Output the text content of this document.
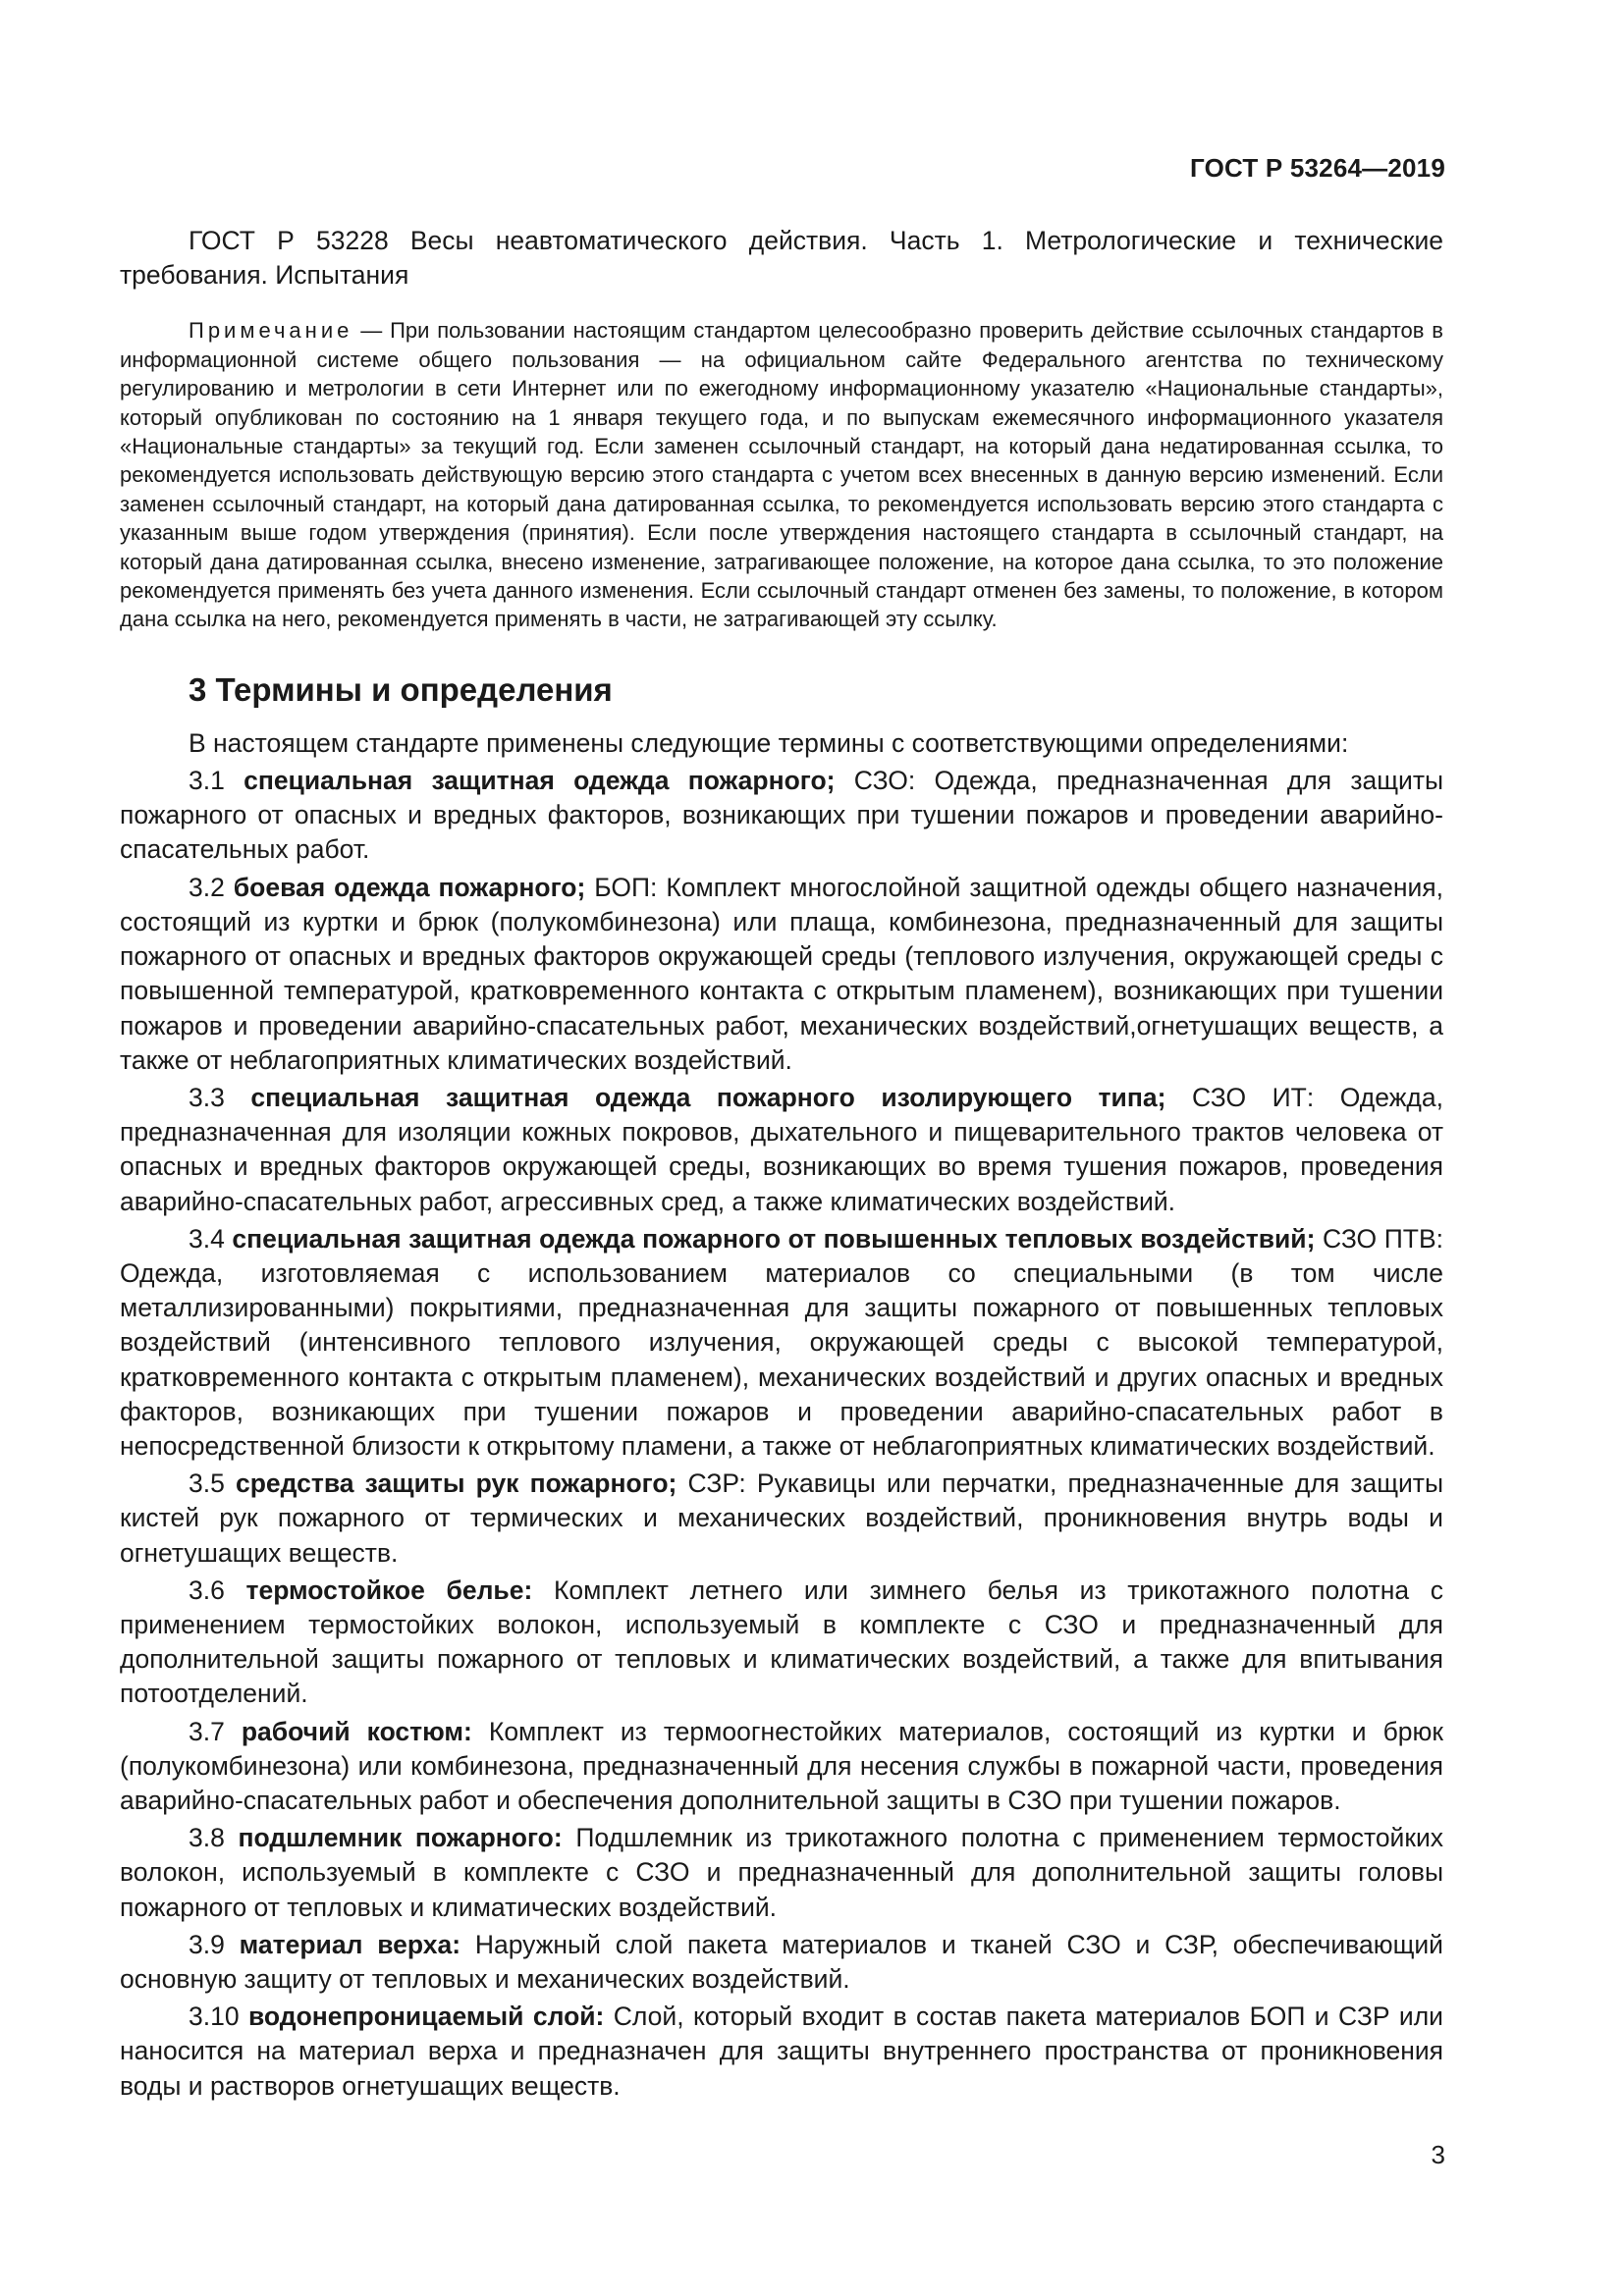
ГОСТ Р 53264—2019

ГОСТ Р 53228 Весы неавтоматического действия. Часть 1. Метрологические и технические требования. Испытания

Примечание — При пользовании настоящим стандартом целесообразно проверить действие ссылочных стандартов в информационной системе общего пользования — на официальном сайте Федерального агентства по техническому регулированию и метрологии в сети Интернет или по ежегодному информационному указателю «Национальные стандарты», который опубликован по состоянию на 1 января текущего года, и по выпускам ежемесячного информационного указателя «Национальные стандарты» за текущий год. Если заменен ссылочный стандарт, на который дана недатированная ссылка, то рекомендуется использовать действующую версию этого стандарта с учетом всех внесенных в данную версию изменений. Если заменен ссылочный стандарт, на который дана датированная ссылка, то рекомендуется использовать версию этого стандарта с указанным выше годом утверждения (принятия). Если после утверждения настоящего стандарта в ссылочный стандарт, на который дана датированная ссылка, внесено изменение, затрагивающее положение, на которое дана ссылка, то это положение рекомендуется применять без учета данного изменения. Если ссылочный стандарт отменен без замены, то положение, в котором дана ссылка на него, рекомендуется применять в части, не затрагивающей эту ссылку.

3 Термины и определения

В настоящем стандарте применены следующие термины с соответствующими определениями:

3.1 специальная защитная одежда пожарного; СЗО: Одежда, предназначенная для защиты пожарного от опасных и вредных факторов, возникающих при тушении пожаров и проведении аварийно-спасательных работ.

3.2 боевая одежда пожарного; БОП: Комплект многослойной защитной одежды общего назначения, состоящий из куртки и брюк (полукомбинезона) или плаща, комбинезона, предназначенный для защиты пожарного от опасных и вредных факторов окружающей среды (теплового излучения, окружающей среды с повышенной температурой, кратковременного контакта с открытым пламенем), возникающих при тушении пожаров и проведении аварийно-спасательных работ, механических воздействий,огнетушащих веществ, а также от неблагоприятных климатических воздействий.

3.3 специальная защитная одежда пожарного изолирующего типа; СЗО ИТ: Одежда, предназначенная для изоляции кожных покровов, дыхательного и пищеварительного трактов человека от опасных и вредных факторов окружающей среды, возникающих во время тушения пожаров, проведения аварийно-спасательных работ, агрессивных сред, а также климатических воздействий.

3.4 специальная защитная одежда пожарного от повышенных тепловых воздействий; СЗО ПТВ: Одежда, изготовляемая с использованием материалов со специальными (в том числе металлизированными) покрытиями, предназначенная для защиты пожарного от повышенных тепловых воздействий (интенсивного теплового излучения, окружающей среды с высокой температурой, кратковременного контакта с открытым пламенем), механических воздействий и других опасных и вредных факторов, возникающих при тушении пожаров и проведении аварийно-спасательных работ в непосредственной близости к открытому пламени, а также от неблагоприятных климатических воздействий.

3.5 средства защиты рук пожарного; СЗР: Рукавицы или перчатки, предназначенные для защиты кистей рук пожарного от термических и механических воздействий, проникновения внутрь воды и огнетушащих веществ.

3.6 термостойкое белье: Комплект летнего или зимнего белья из трикотажного полотна с применением термостойких волокон, используемый в комплекте с СЗО и предназначенный для дополнительной защиты пожарного от тепловых и климатических воздействий, а также для впитывания потоотделений.

3.7 рабочий костюм: Комплект из термоогнестойких материалов, состоящий из куртки и брюк (полукомбинезона) или комбинезона, предназначенный для несения службы в пожарной части, проведения аварийно-спасательных работ и обеспечения дополнительной защиты в СЗО при тушении пожаров.

3.8 подшлемник пожарного: Подшлемник из трикотажного полотна с применением термостойких волокон, используемый в комплекте с СЗО и предназначенный для дополнительной защиты головы пожарного от тепловых и климатических воздействий.

3.9 материал верха: Наружный слой пакета материалов и тканей СЗО и СЗР, обеспечивающий основную защиту от тепловых и механических воздействий.

3.10 водонепроницаемый слой: Слой, который входит в состав пакета материалов БОП и СЗР или наносится на материал верха и предназначен для защиты внутреннего пространства от проникновения воды и растворов огнетушащих веществ.

3
